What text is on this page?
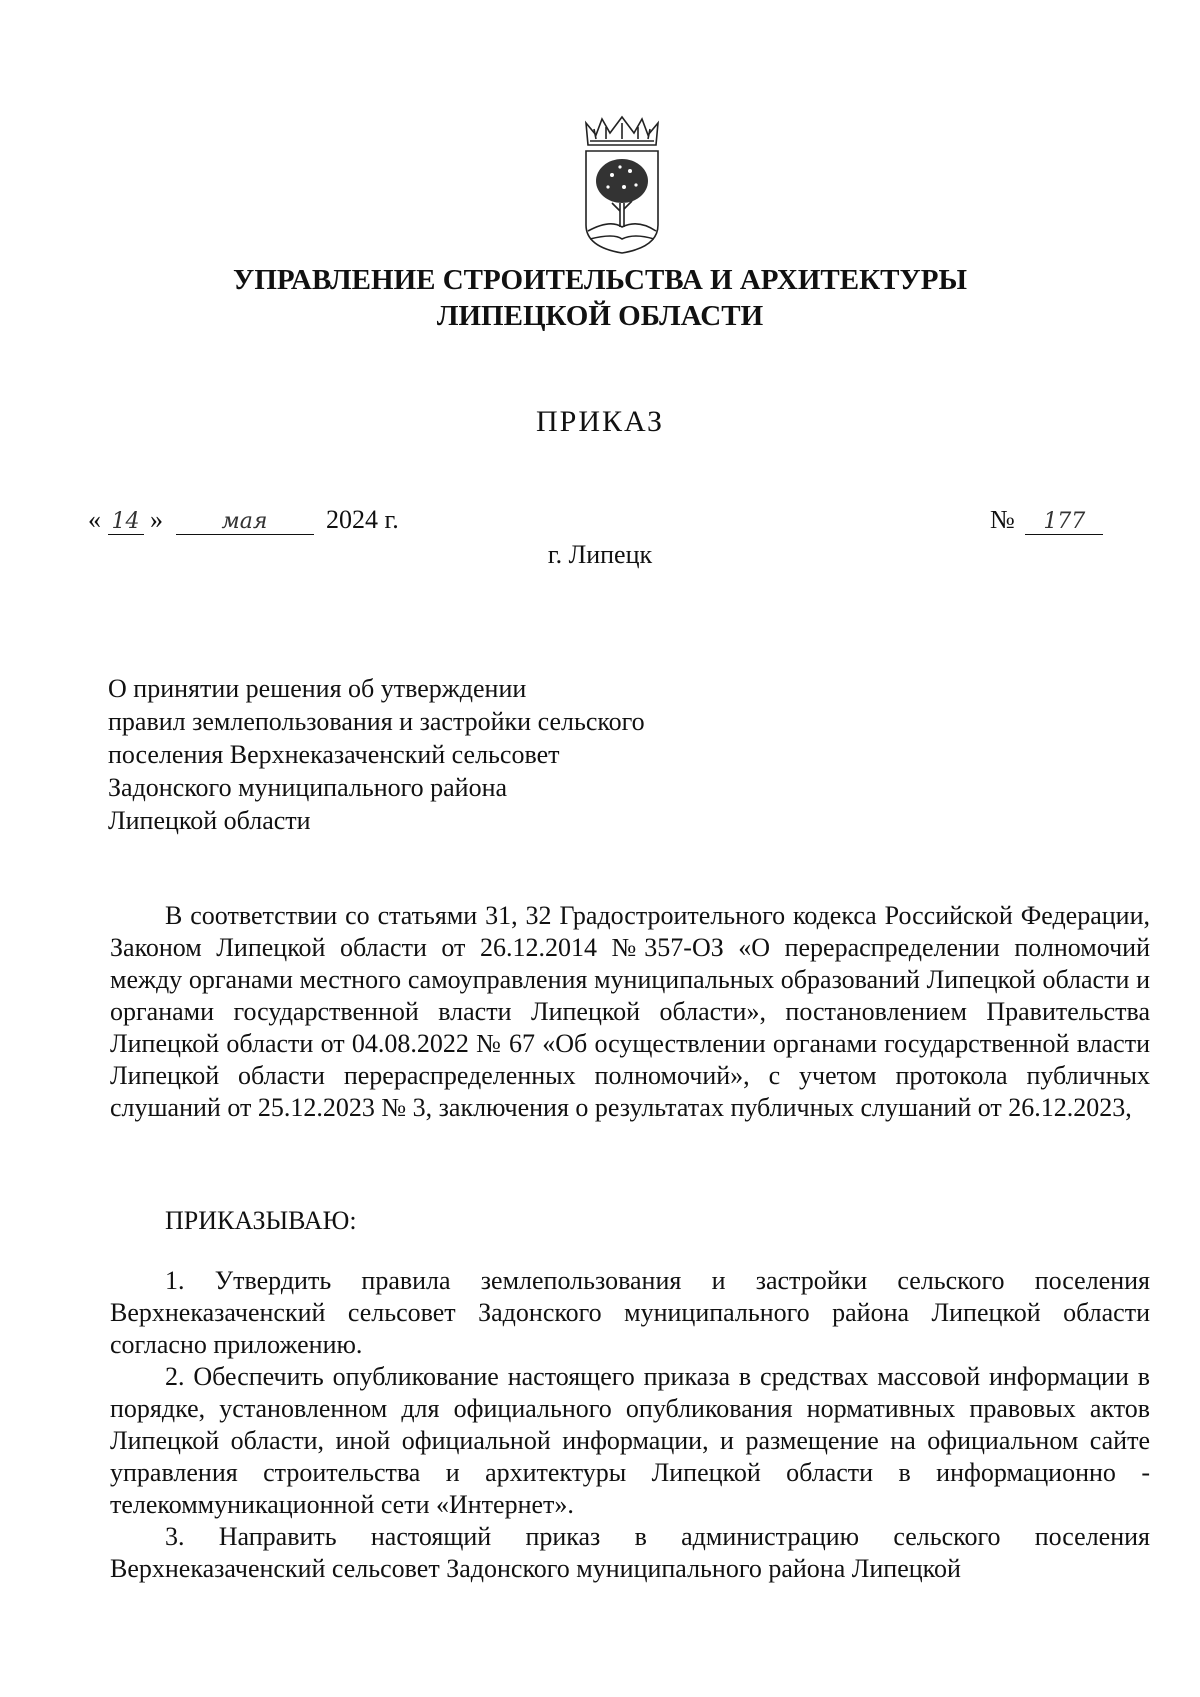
УПРАВЛЕНИЕ СТРОИТЕЛЬСТВА И АРХИТЕКТУРЫ
ЛИПЕЦКОЙ ОБЛАСТИ
ПРИКАЗ
« 14 »	мая 2024 г.	№ 177
г. Липецк
О принятии решения об утверждении
правил землепользования и застройки сельского
поселения Верхнеказаченский сельсовет
Задонского муниципального района
Липецкой области

В соответствии со статьями 31, 32 Градостроительного кодекса Российской Федерации, Законом Липецкой области от 26.12.2014 №357-ОЗ «О перераспределении полномочий между органами местного самоуправления муниципальных образований Липецкой области и органами государственной власти Липецкой области», постановлением Правительства Липецкой области от 04.08.2022 № 67 «Об осуществлении органами государственной власти Липецкой области перераспределенных полномочий», с учетом протокола публичных слушаний от 25.12.2023 № 3, заключения о результатах публичных слушаний от 26.12.2023,

ПРИКАЗЫВАЮ:

1. Утвердить правила землепользования и застройки сельского поселения Верхнеказаченский сельсовет Задонского муниципального района Липецкой области согласно приложению.

2. Обеспечить опубликование настоящего приказа в средствах массовой информации в порядке, установленном для официального опубликования нормативных правовых актов Липецкой области, иной официальной информации, и размещение на официальном сайте управления строительства и архитектуры Липецкой области в информационно - телекоммуникационной сети «Интернет».

3. Направить настоящий приказ в администрацию сельского поселения Верхнеказаченский сельсовет Задонского муниципального района Липецкой
